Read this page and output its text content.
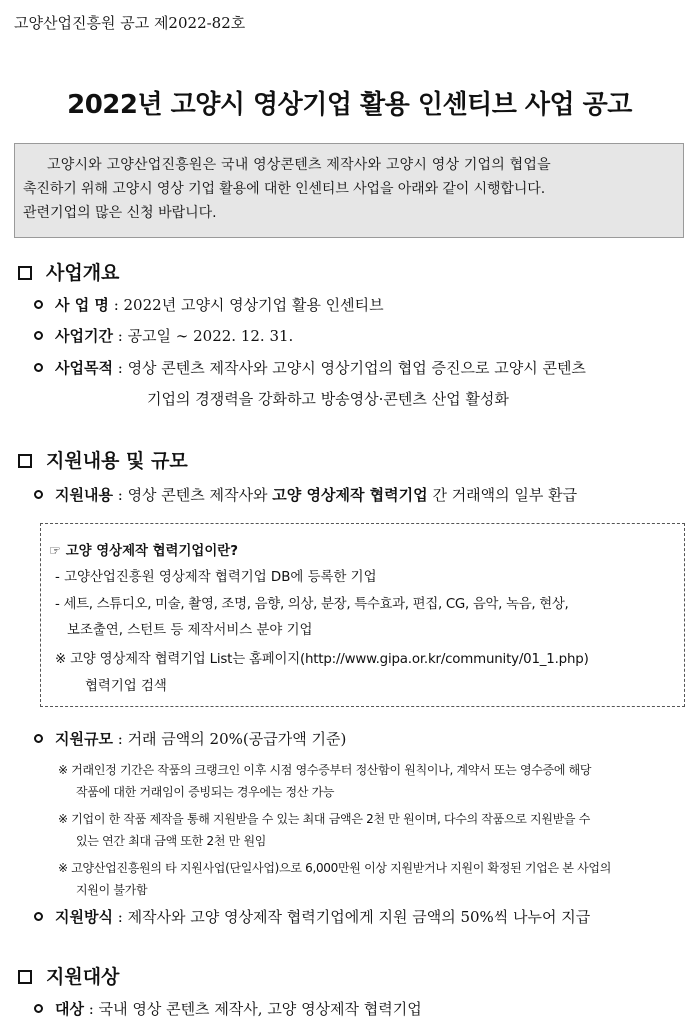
고양산업진흥원 공고 제2022-82호
2022년 고양시 영상기업 활용 인센티브 사업 공고

고양시와 고양산업진흥원은 국내 영상콘텐츠 제작사와 고양시 영상 기업의 협업을

촉진하기 위해 고양시 영상 기업 활용에 대한 인센티브 사업을 아래와 같이 시행합니다.

관련기업의 많은 신청 바랍니다.

사업개요
사 업 명 : 2022년 고양시 영상기업 활용 인센티브
사업기간 : 공고일 ∼ 2022. 12. 31.
사업목적 : 영상 콘텐츠 제작사와 고양시 영상기업의 협업 증진으로 고양시 콘텐츠
기업의 경쟁력을 강화하고 방송영상·콘텐츠 산업 활성화
지원내용 및 규모
지원내용 : 영상 콘텐츠 제작사와 고양 영상제작 협력기업 간 거래액의 일부 환급
☞ 고양 영상제작 협력기업이란?
- 고양산업진흥원 영상제작 협력기업 DB에 등록한 기업
- 세트, 스튜디오, 미술, 촬영, 조명, 음향, 의상, 분장, 특수효과, 편집, CG, 음악, 녹음, 현상,
보조출연, 스턴트 등 제작서비스 분야 기업
※ 고양 영상제작 협력기업 List는 홈페이지(http://www.gipa.or.kr/community/01_1.php)
협력기업 검색
지원규모 : 거래 금액의 20%(공급가액 기준)
※ 거래인정 기간은 작품의 크랭크인 이후 시점 영수증부터 정산함이 원칙이나, 계약서 또는 영수증에 해당
작품에 대한 거래임이 증빙되는 경우에는 정산 가능
※ 기업이 한 작품 제작을 통해 지원받을 수 있는 최대 금액은 2천 만 원이며, 다수의 작품으로 지원받을 수
있는 연간 최대 금액 또한 2천 만 원임
※ 고양산업진흥원의 타 지원사업(단일사업)으로 6,000만원 이상 지원받거나 지원이 확정된 기업은 본 사업의
지원이 불가함
지원방식 : 제작사와 고양 영상제작 협력기업에게 지원 금액의 50%씩 나누어 지급
지원대상
대상 : 국내 영상 콘텐츠 제작사, 고양 영상제작 협력기업
